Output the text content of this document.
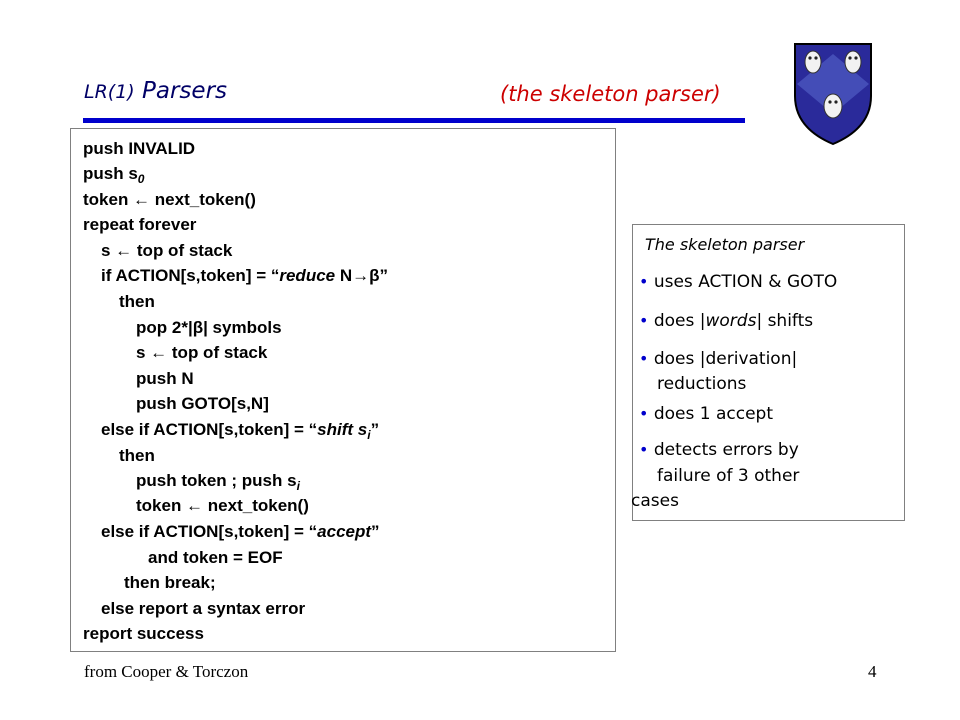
LR(1) Parsers	(the skeleton parser)
push INVALID
push $s_0$
token ← next_token()
repeat forever
s ← top of stack
if ACTION[s,token] = “reduce N→β”
then
pop 2*|β| symbols
s ← top of stack
push N
push GOTO[s,N]
else if ACTION[s,token] = “shift $s_i$”
then
push token ; push $s_i$
token ← next_token()
else if ACTION[s,token] = “accept”
and token = EOF
then break;
else report a syntax error
report success
The skeleton parser
• uses ACTION & GOTO
• does |words| shifts
• does |derivation|
reductions
• does 1 accept
• detects errors by
failure of 3 other
cases
from Cooper & Torczon	4
